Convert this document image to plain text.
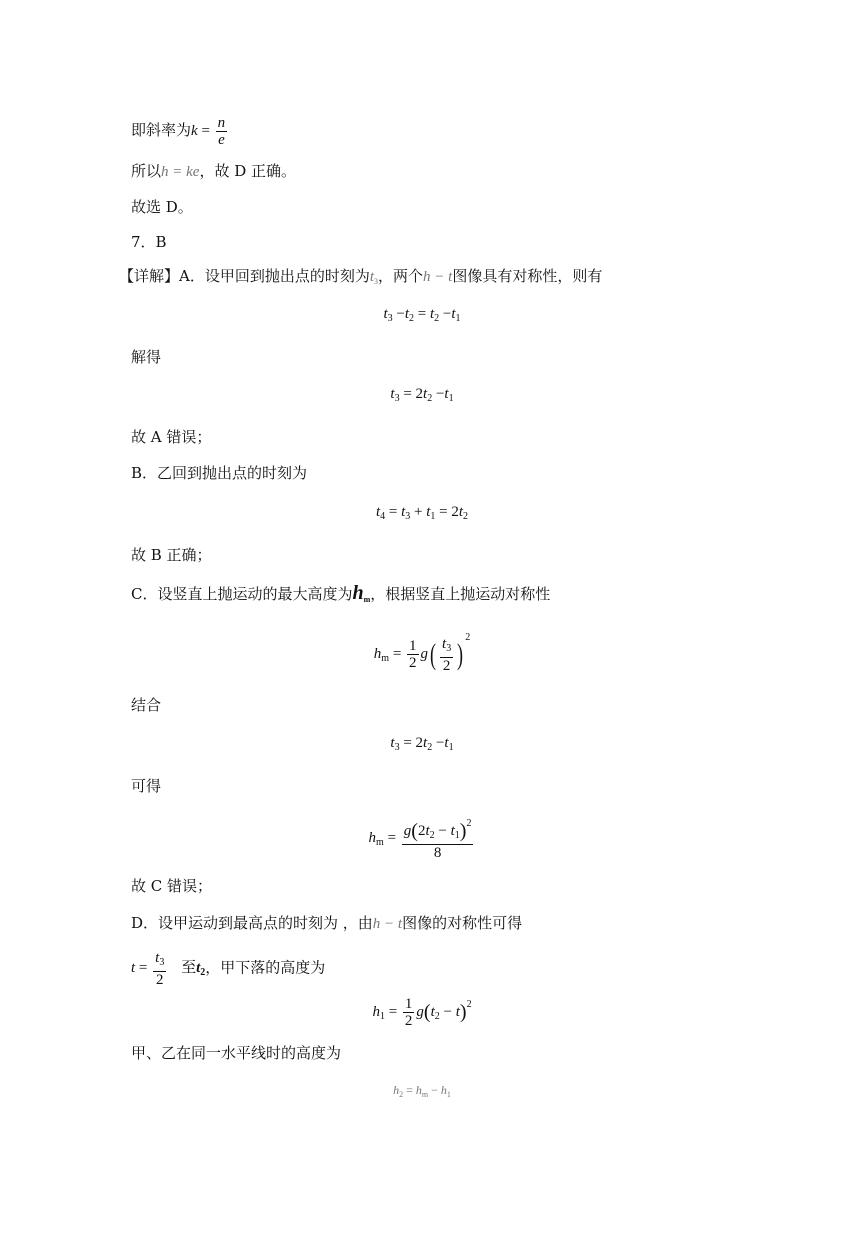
即斜率为$k = \frac{n}{e}$
所以h = ke，故 D 正确。
故选 D。
7．B
【详解】A．设甲回到抛出点的时刻为$t_3$，两个h − t图像具有对称性，则有
$t_3 -t_2 = t_2 -t_1$
解得
$t_3 = 2t_2 -t_1$
故 A 错误；
B．乙回到抛出点的时刻为
$t_4 = t_3 + t_1 = 2t_2$
故 B 正确；
C．设竖直上抛运动的最大高度为hm，根据竖直上抛运动对称性
$h_m = \frac{1}{2} g( \frac{t_3}{2} )^2$
结合
$t_3 = 2t_2 -t_1$
可得
$h_m = \frac{g(2t_2 - t_1)^2}{8}$
故 C 错误；
D．设甲运动到最高点的时刻为 ，由h − t图像的对称性可得
$t = \frac{t_3}{2}$ 至$t_2$，甲下落的高度为
$h_1 = \frac{1}{2} g(t_2 - t)^2$
甲、乙在同一水平线时的高度为
$h_2 = h_m - h_1$
